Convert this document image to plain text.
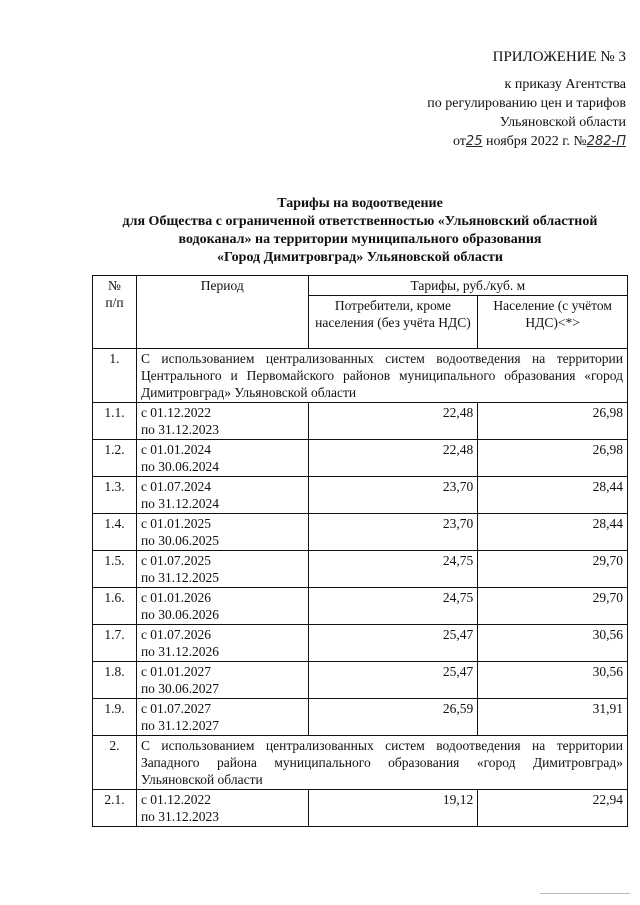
ПРИЛОЖЕНИЕ № 3
к приказу Агентства
по регулированию цен и тарифов
Ульяновской области
от25 ноября 2022 г. №282-П
Тарифы на водоотведение
для Общества с ограниченной ответственностью «Ульяновский областной
водоканал» на территории муниципального образования
«Город Димитровград» Ульяновской области
№
п/п	Период	Тарифы, руб./куб. м	
		Потребители, кроме населения (без учёта НДС)	Население (с учётом НДС)<*>
1.	С использованием централизованных систем водоотведения на территории Центрального и Первомайского районов муниципального образования «город Димитровград» Ульяновской области		
1.1.	с 01.12.2022
по 31.12.2023	22,48	26,98
1.2.	с 01.01.2024
по 30.06.2024	22,48	26,98
1.3.	с 01.07.2024
по 31.12.2024	23,70	28,44
1.4.	с 01.01.2025
по 30.06.2025	23,70	28,44
1.5.	с 01.07.2025
по 31.12.2025	24,75	29,70
1.6.	с 01.01.2026
по 30.06.2026	24,75	29,70
1.7.	с 01.07.2026
по 31.12.2026	25,47	30,56
1.8.	с 01.01.2027
по 30.06.2027	25,47	30,56
1.9.	с 01.07.2027
по 31.12.2027	26,59	31,91
2.	С использованием централизованных систем водоотведения на территории Западного района муниципального образования «город Димитровград» Ульяновской области		
2.1.	с 01.12.2022
по 31.12.2023	19,12	22,94
